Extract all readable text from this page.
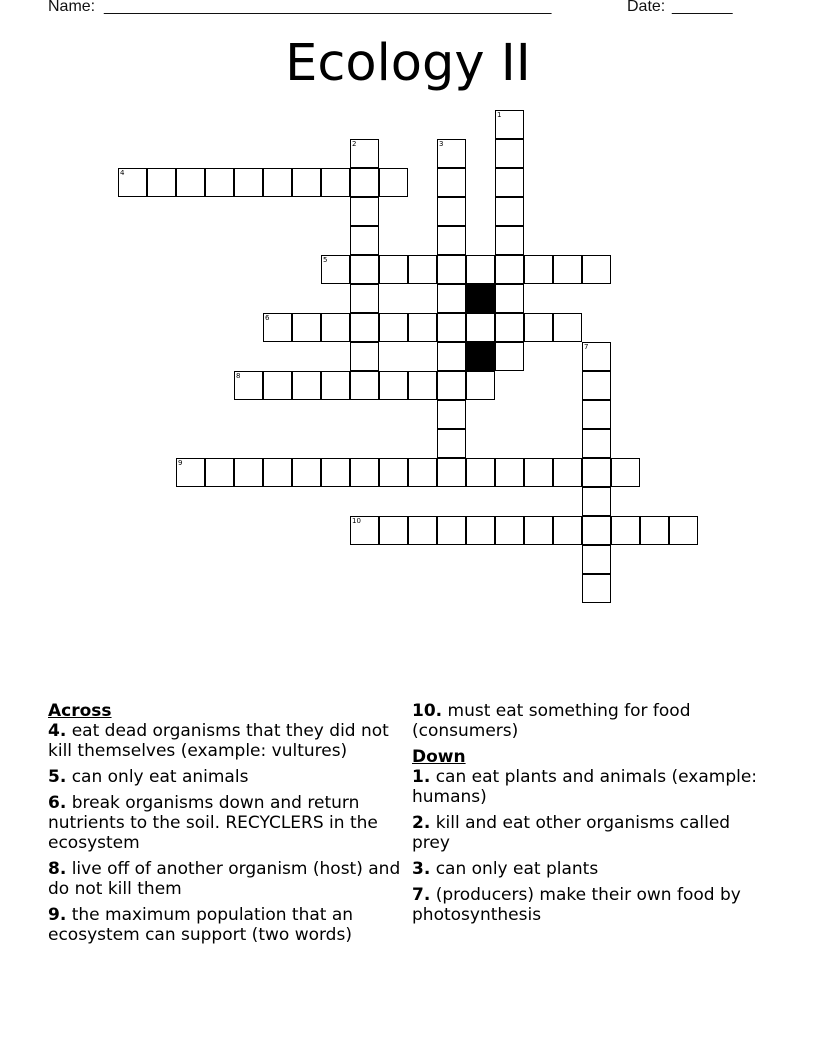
Name: ____________________________________________________	Date: _______
Ecology II
1
2	3
4
5
6
7
8
9
10
Across
4. eat dead organisms that they did not kill themselves (example: vultures)
5. can only eat animals
6. break organisms down and return nutrients to the soil. RECYCLERS in the ecosystem
8. live off of another organism (host) and do not kill them
9. the maximum population that an ecosystem can support (two words)
10. must eat something for food (consumers)
Down
1. can eat plants and animals (example: humans)
2. kill and eat other organisms called prey
3. can only eat plants
7. (producers) make their own food by photosynthesis
